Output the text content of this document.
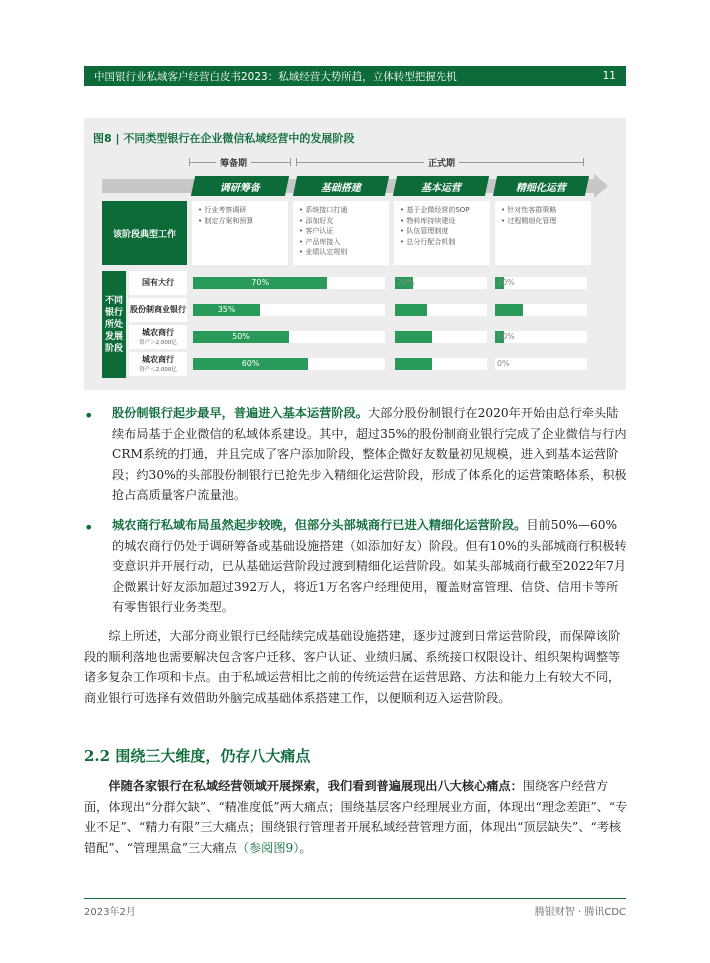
中国银行业私域客户经营白皮书2023：私域经营大势所趋，立体转型把握先机	11
图8 | 不同类型银行在企业微信私域经营中的发展阶段
筹备期	正式期
调研筹备	基础搭建	基本运营	精细化运营
该阶段典型工作
• 行业考察调研
• 制定方案和预算
• 系统接口打通
• 添加好友
• 客户认证
• 产品库接入
• 业绩认定规则
• 基于企微经营的SOP
• 物料库持续建设
• 队伍管理制度
• 总分行配合机制
• 针对性客群策略
• 过程精细化管理
不同银行所处发展阶段
国有大行
股份制商业银行
城农商行
资产＞2,000亿
城农商行
资产＜2,000亿
70%	20%	10%
35%	35%	30%
50%	40%	10%
60%	40%	0%
• 股份制银行起步最早，普遍进入基本运营阶段。大部分股份制银行在2020年开始由总行牵头陆续布局基于企业微信的私域体系建设。其中，超过35%的股份制商业银行完成了企业微信与行内CRM系统的打通，并且完成了客户添加阶段，整体企微好友数量初见规模，进入到基本运营阶段；约30%的头部股份制银行已抢先步入精细化运营阶段，形成了体系化的运营策略体系，积极抢占高质量客户流量池。

• 城农商行私域布局虽然起步较晚，但部分头部城商行已进入精细化运营阶段。目前50%—60%的城农商行仍处于调研筹备或基础设施搭建（如添加好友）阶段。但有10%的头部城商行积极转变意识并开展行动，已从基础运营阶段过渡到精细化运营阶段。如某头部城商行截至2022年7月企微累计好友添加超过392万人，将近1万名客户经理使用，覆盖财富管理、信贷、信用卡等所有零售银行业务类型。

综上所述，大部分商业银行已经陆续完成基础设施搭建，逐步过渡到日常运营阶段，而保障该阶段的顺利落地也需要解决包含客户迁移、客户认证、业绩归属、系统接口权限设计、组织架构调整等诸多复杂工作项和卡点。由于私域运营相比之前的传统运营在运营思路、方法和能力上有较大不同，商业银行可选择有效借助外脑完成基础体系搭建工作，以便顺利迈入运营阶段。

2.2 围绕三大维度，仍存八大痛点

伴随各家银行在私域经营领域开展探索，我们看到普遍展现出八大核心痛点：围绕客户经营方面，体现出“分群欠缺”、“精准度低”两大痛点；围绕基层客户经理展业方面，体现出“理念差距”、“专业不足”、“精力有限”三大痛点；围绕银行管理者开展私域经营管理方面，体现出“顶层缺失”、“考核错配”、“管理黑盒”三大痛点（参阅图9）。

2023年2月	腾银财智 · 腾讯CDC
